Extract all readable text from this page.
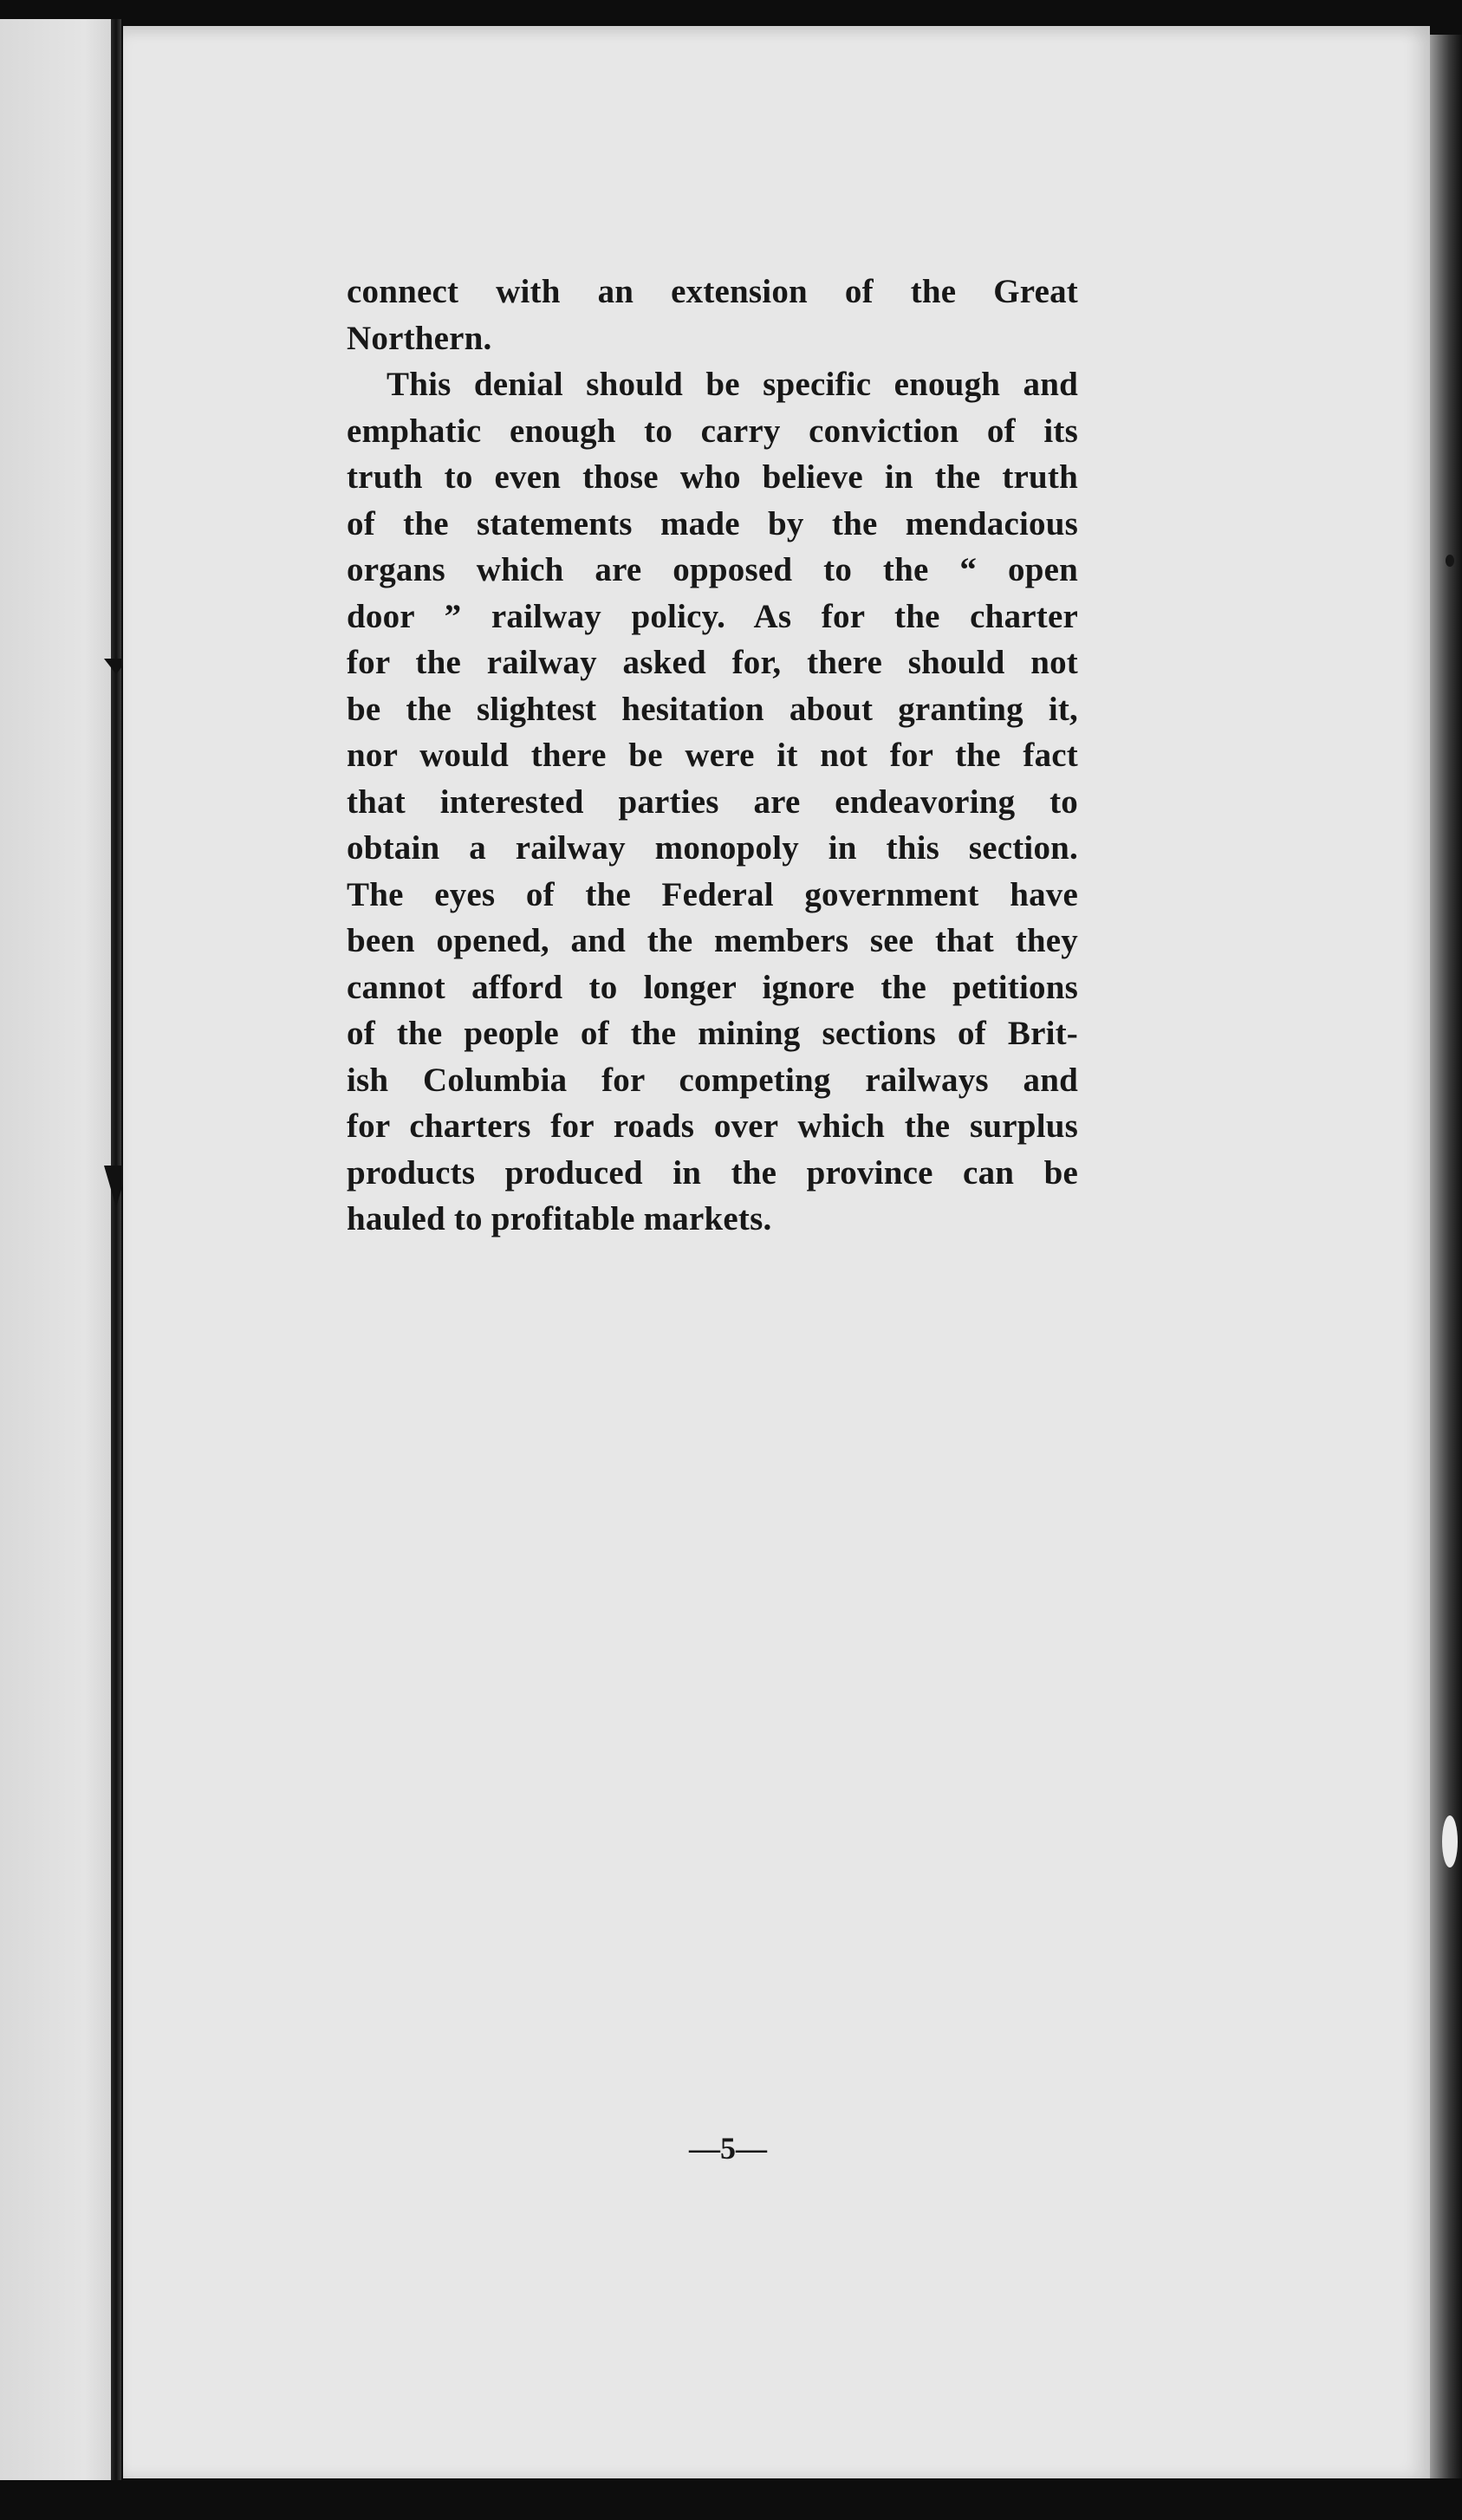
connect with an extension of the Great
Northern.

This denial should be specific enough and
emphatic enough to carry conviction of its
truth to even those who believe in the truth
of the statements made by the mendacious
organs which are opposed to the “ open
door ” railway policy. As for the charter
for the railway asked for, there should not
be the slightest hesitation about granting it,
nor would there be were it not for the fact
that interested parties are endeavoring to
obtain a railway monopoly in this section.
The eyes of the Federal government have
been opened, and the members see that they
cannot afford to longer ignore the petitions
of the people of the mining sections of Brit-
ish Columbia for competing railways and
for charters for roads over which the surplus
products produced in the province can be
hauled to profitable markets.

—5—
